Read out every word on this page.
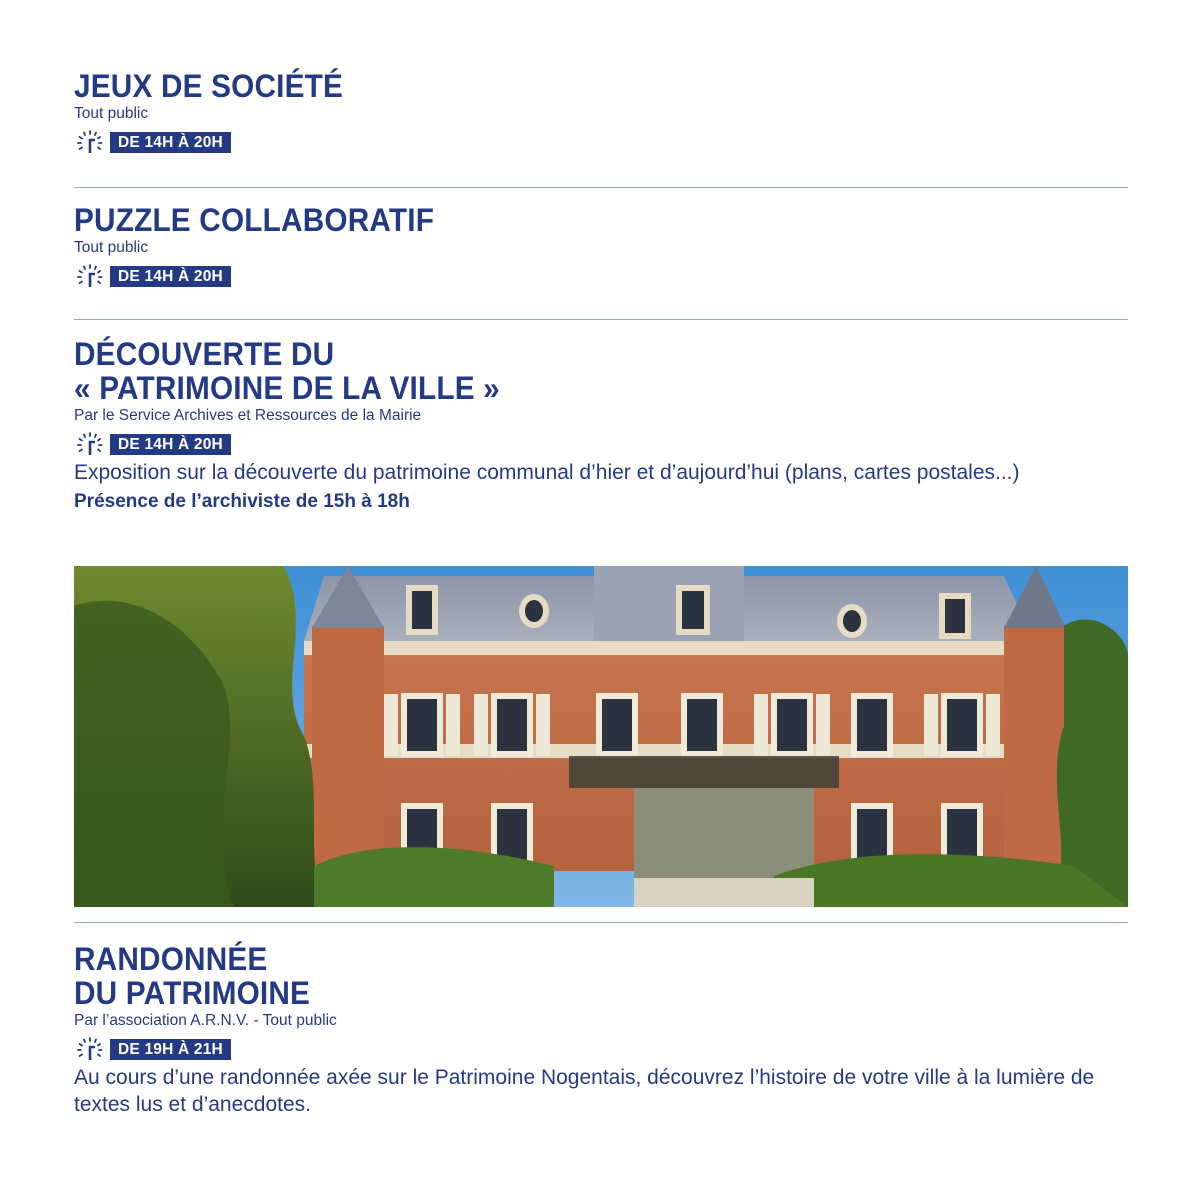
JEUX DE SOCIÉTÉ

Tout public

DE 14H À 20H
PUZZLE COLLABORATIF

Tout public

DE 14H À 20H
DÉCOUVERTE DU
« PATRIMOINE DE LA VILLE »

Par le Service Archives et Ressources de la Mairie

DE 14H À 20H

Exposition sur la découverte du patrimoine communal d’hier et d’aujourd’hui (plans, cartes postales...)

Présence de l’archiviste de 15h à 18h

RANDONNÉE
DU PATRIMOINE

Par l’association A.R.N.V. - Tout public

DE 19H À 21H

Au cours d’une randonnée axée sur le Patrimoine Nogentais, découvrez l’histoire de votre ville à la lumière de textes lus et d’anecdotes.
